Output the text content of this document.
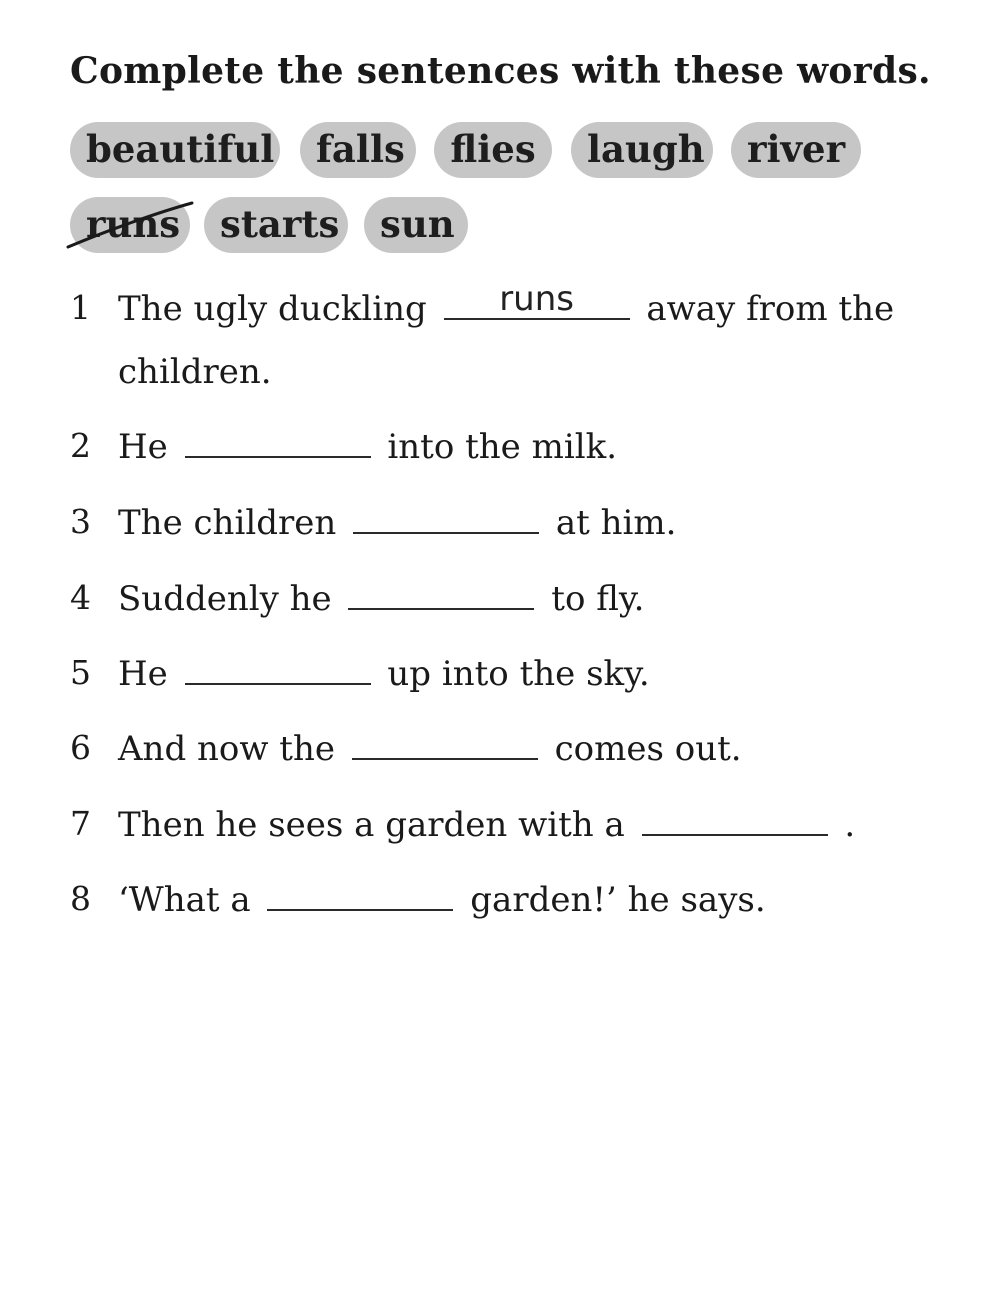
Complete the sentences with these words.
beautiful	falls	flies	laugh	river
runs	starts	sun
1 The ugly duckling	runs	away from the
children.
2 He	into the milk.
3 The children	at him.
4 Suddenly he	to fly.
5 He	up into the sky.
6 And now the	comes out.
7 Then he sees a garden with a	.
8 ‘What a	garden!’ he says.
